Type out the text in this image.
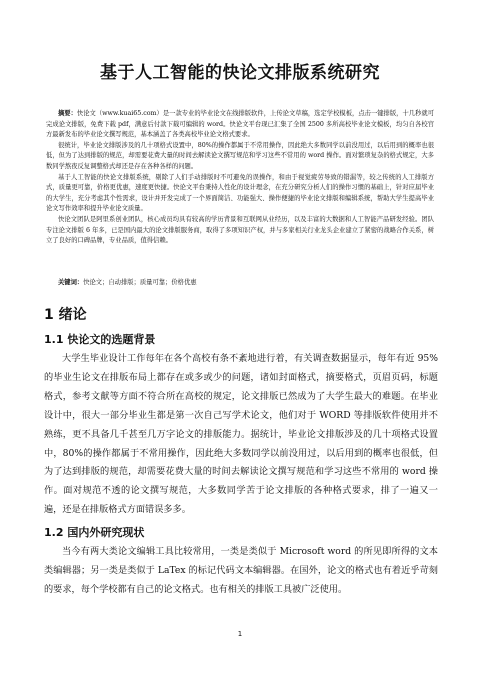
基于人工智能的快论文排版系统研究

摘要：快论文（www.kuai65.com）是一款专业的毕业论文在线排版软件，上传论文草稿，选定学校模板，点击一键排版，十几秒就可完成论文排版，免费下载 pdf，满意后付款下载可编辑的 word。快论文平台现已汇集了全国 2500 多所高校毕业论文模板，均匀自各校官方最新发布的毕业论文撰写规范，基本涵盖了各类高校毕业论文格式要求。

很统计，毕业论文排版涉及的几十项格式设置中，80%的操作都属于不常用操作，因此绝大多数同学以前没用过，以后用到的概率也很低，但为了达到排版的规范，却需要花费大量的时间去解读论文撰写规范和学习这些不常用的 word 操作。面对繁琐复杂的格式规定，大多数同学熬夜反复调整格式却还是存在各种各样的问题。

基于人工智能的快论文排版系统，剔除了人们手动排版时不可避免的误操作，和由于视觉疲劳导致的错漏等，较之传统的人工排版方式，质量更可靠，价格更优惠，速度更快捷。快论文平台秉持人性化的设计理念，在充分研究分析人们的操作习惯的基础上，针对应届毕业的大学生，充分考虑其个性需求，设计并开发完成了一个界面简洁、功能强大、操作便捷的毕业论文排版和编辑系统，帮助大学生提高毕业论文写作效率和提升毕业论文质量。

快论文团队是阿里系创业团队，核心成员均具有较高的学历背景和互联网从业经历，以及丰富的大数据和人工智能产品研发经验。团队专注论文排版 6 年多，已是国内最大的论文排版服务商，取得了多项知识产权，并与多家相关行业龙头企业建立了紧密的战略合作关系，树立了良好的口碑品牌，专业品质，值得信赖。

关键词：快论文；自动排版；质量可靠；价格优惠
1 绪论
1.1 快论文的选题背景

大学生毕业设计工作每年在各个高校有条不紊地进行着，有关调查数据显示，每年有近 95%的毕业生论文在排版布局上都存在或多或少的问题，诸如封面格式，摘要格式，页眉页码，标题格式，参考文献等方面不符合所在高校的规定，论文排版已然成为了大学生最大的难题。在毕业设计中，很大一部分毕业生都是第一次自己写学术论文，他们对于 WORD 等排版软件使用并不熟练，更不具备几千甚至几万字论文的排版能力。据统计，毕业论文排版涉及的几十项格式设置中，80%的操作都属于不常用操作，因此绝大多数同学以前没用过，以后用到的概率也很低，但为了达到排版的规范，却需要花费大量的时间去解读论文撰写规范和学习这些不常用的 word 操作。面对规范不透的论文撰写规范，大多数同学苦于论文排版的各种格式要求，排了一遍又一遍，还是在排版格式方面错误多多。

1.2 国内外研究现状

当今有两大类论文编辑工具比较常用，一类是类似于 Microsoft word 的所见即所得的文本类编辑器；另一类是类似于 LaTex 的标记代码文本编辑器。在国外，论文的格式也有着近乎苛刻的要求，每个学校都有自己的论文格式。也有相关的排版工具被广泛使用。

1
